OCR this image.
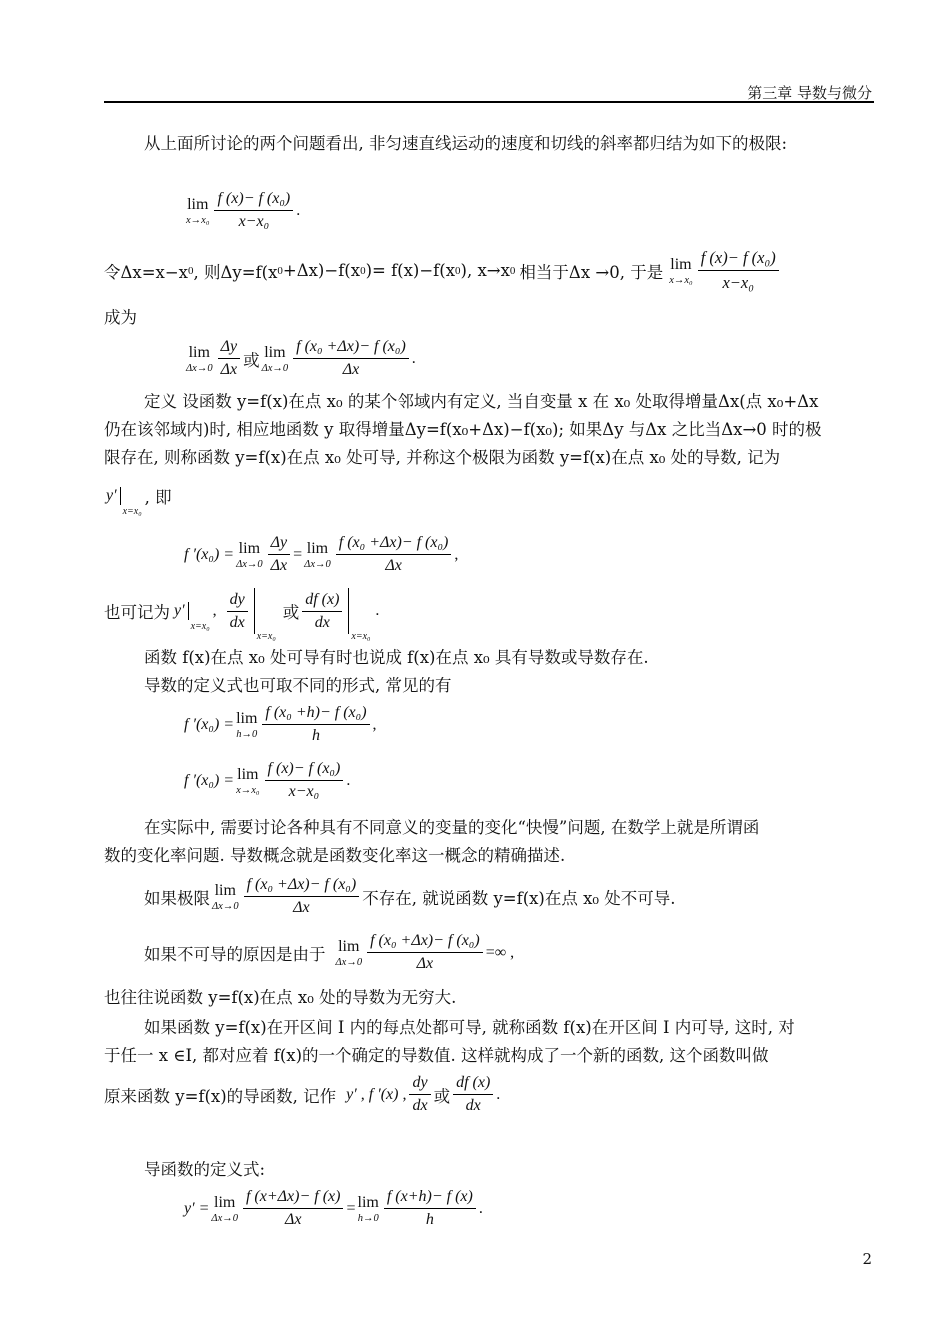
第三章 导数与微分
从上面所讨论的两个问题看出, 非匀速直线运动的速度和切线的斜率都归结为如下的极限:
lim
x→x₀
f (x)− f (x₀)
x−x₀
.
令Δx=x−x 0 , 则Δy=f(x 0 +Δx)−f(x 0 )= f(x)−f(x 0 ), x→x 0 相当于Δx →0, 于是 lim
x→x₀
f (x)− f (x₀)
x−x₀
成为
lim
Δx→0
Δy
Δx 或 lim
Δx→0
f (x₀ +Δx)− f (x₀)
Δx
.
定义 设函数 y=f(x)在点 x₀ 的某个邻域内有定义, 当自变量 x 在 x₀ 处取得增量Δx(点 x₀+Δx
仍在该邻域内)时, 相应地函数 y 取得增量Δy=f(x₀+Δx)−f(x₀); 如果Δy 与Δx 之比当Δx→0 时的极
限存在, 则称函数 y=f(x)在点 x₀ 处可导, 并称这个极限为函数 y=f(x)在点 x₀ 处的导数, 记为
y′
x=x₀
, 即
f ′(x₀) = lim
$\Delta x\to 0 \frac{\Delta y}{\Delta x} = \lim$
Δx→0
f (x₀ +Δx)− f (x₀)
Δx
,
也可记为 y′
x=x₀
,
dy
dx
x=x₀
或
df (x)
dx
x=x₀
.
函数 f(x)在点 x₀ 处可导有时也说成 f(x)在点 x₀ 具有导数或导数存在.
导数的定义式也可取不同的形式, 常见的有
f ′(x₀) = lim
h→0
f (x₀ +h)− f (x₀)
h
,
f ′(x₀) = lim
x→x₀
f (x)− f (x₀)
x−x₀
.
在实际中, 需要讨论各种具有不同意义的变量的变化“快慢”问题, 在数学上就是所谓函
数的变化率问题. 导数概念就是函数变化率这一概念的精确描述.
如果极限 lim
Δx→0
f (x₀ +Δx)− f (x₀)
Δx	不存在, 就说函数 y=f(x)在点 x₀ 处不可导.
如果不可导的原因是由于 lim
$\Delta x\to 0 \frac{\text{f (x₀ +Δx)− f (x₀)}}{\Delta x}$ =∞ ,
也往往说函数 y=f(x)在点 x₀ 处的导数为无穷大.
如果函数 y=f(x)在开区间 I 内的每点处都可导, 就称函数 f(x)在开区间 I 内可导, 这时, 对
于任一 x ∈I, 都对应着 f(x)的一个确定的导数值. 这样就构成了一个新的函数, 这个函数叫做
原来函数 y=f(x)的导函数, 记作 y′ , f ′(x) ,
dy
dx 或
df (x)
dx
.
导函数的定义式:
y′ = lim
$\Delta x\to 0 \frac{f (x+\Delta x)- f (x)}{\Delta x} = \lim$
h→0
f (x+h)− f (x)
h
.
2
